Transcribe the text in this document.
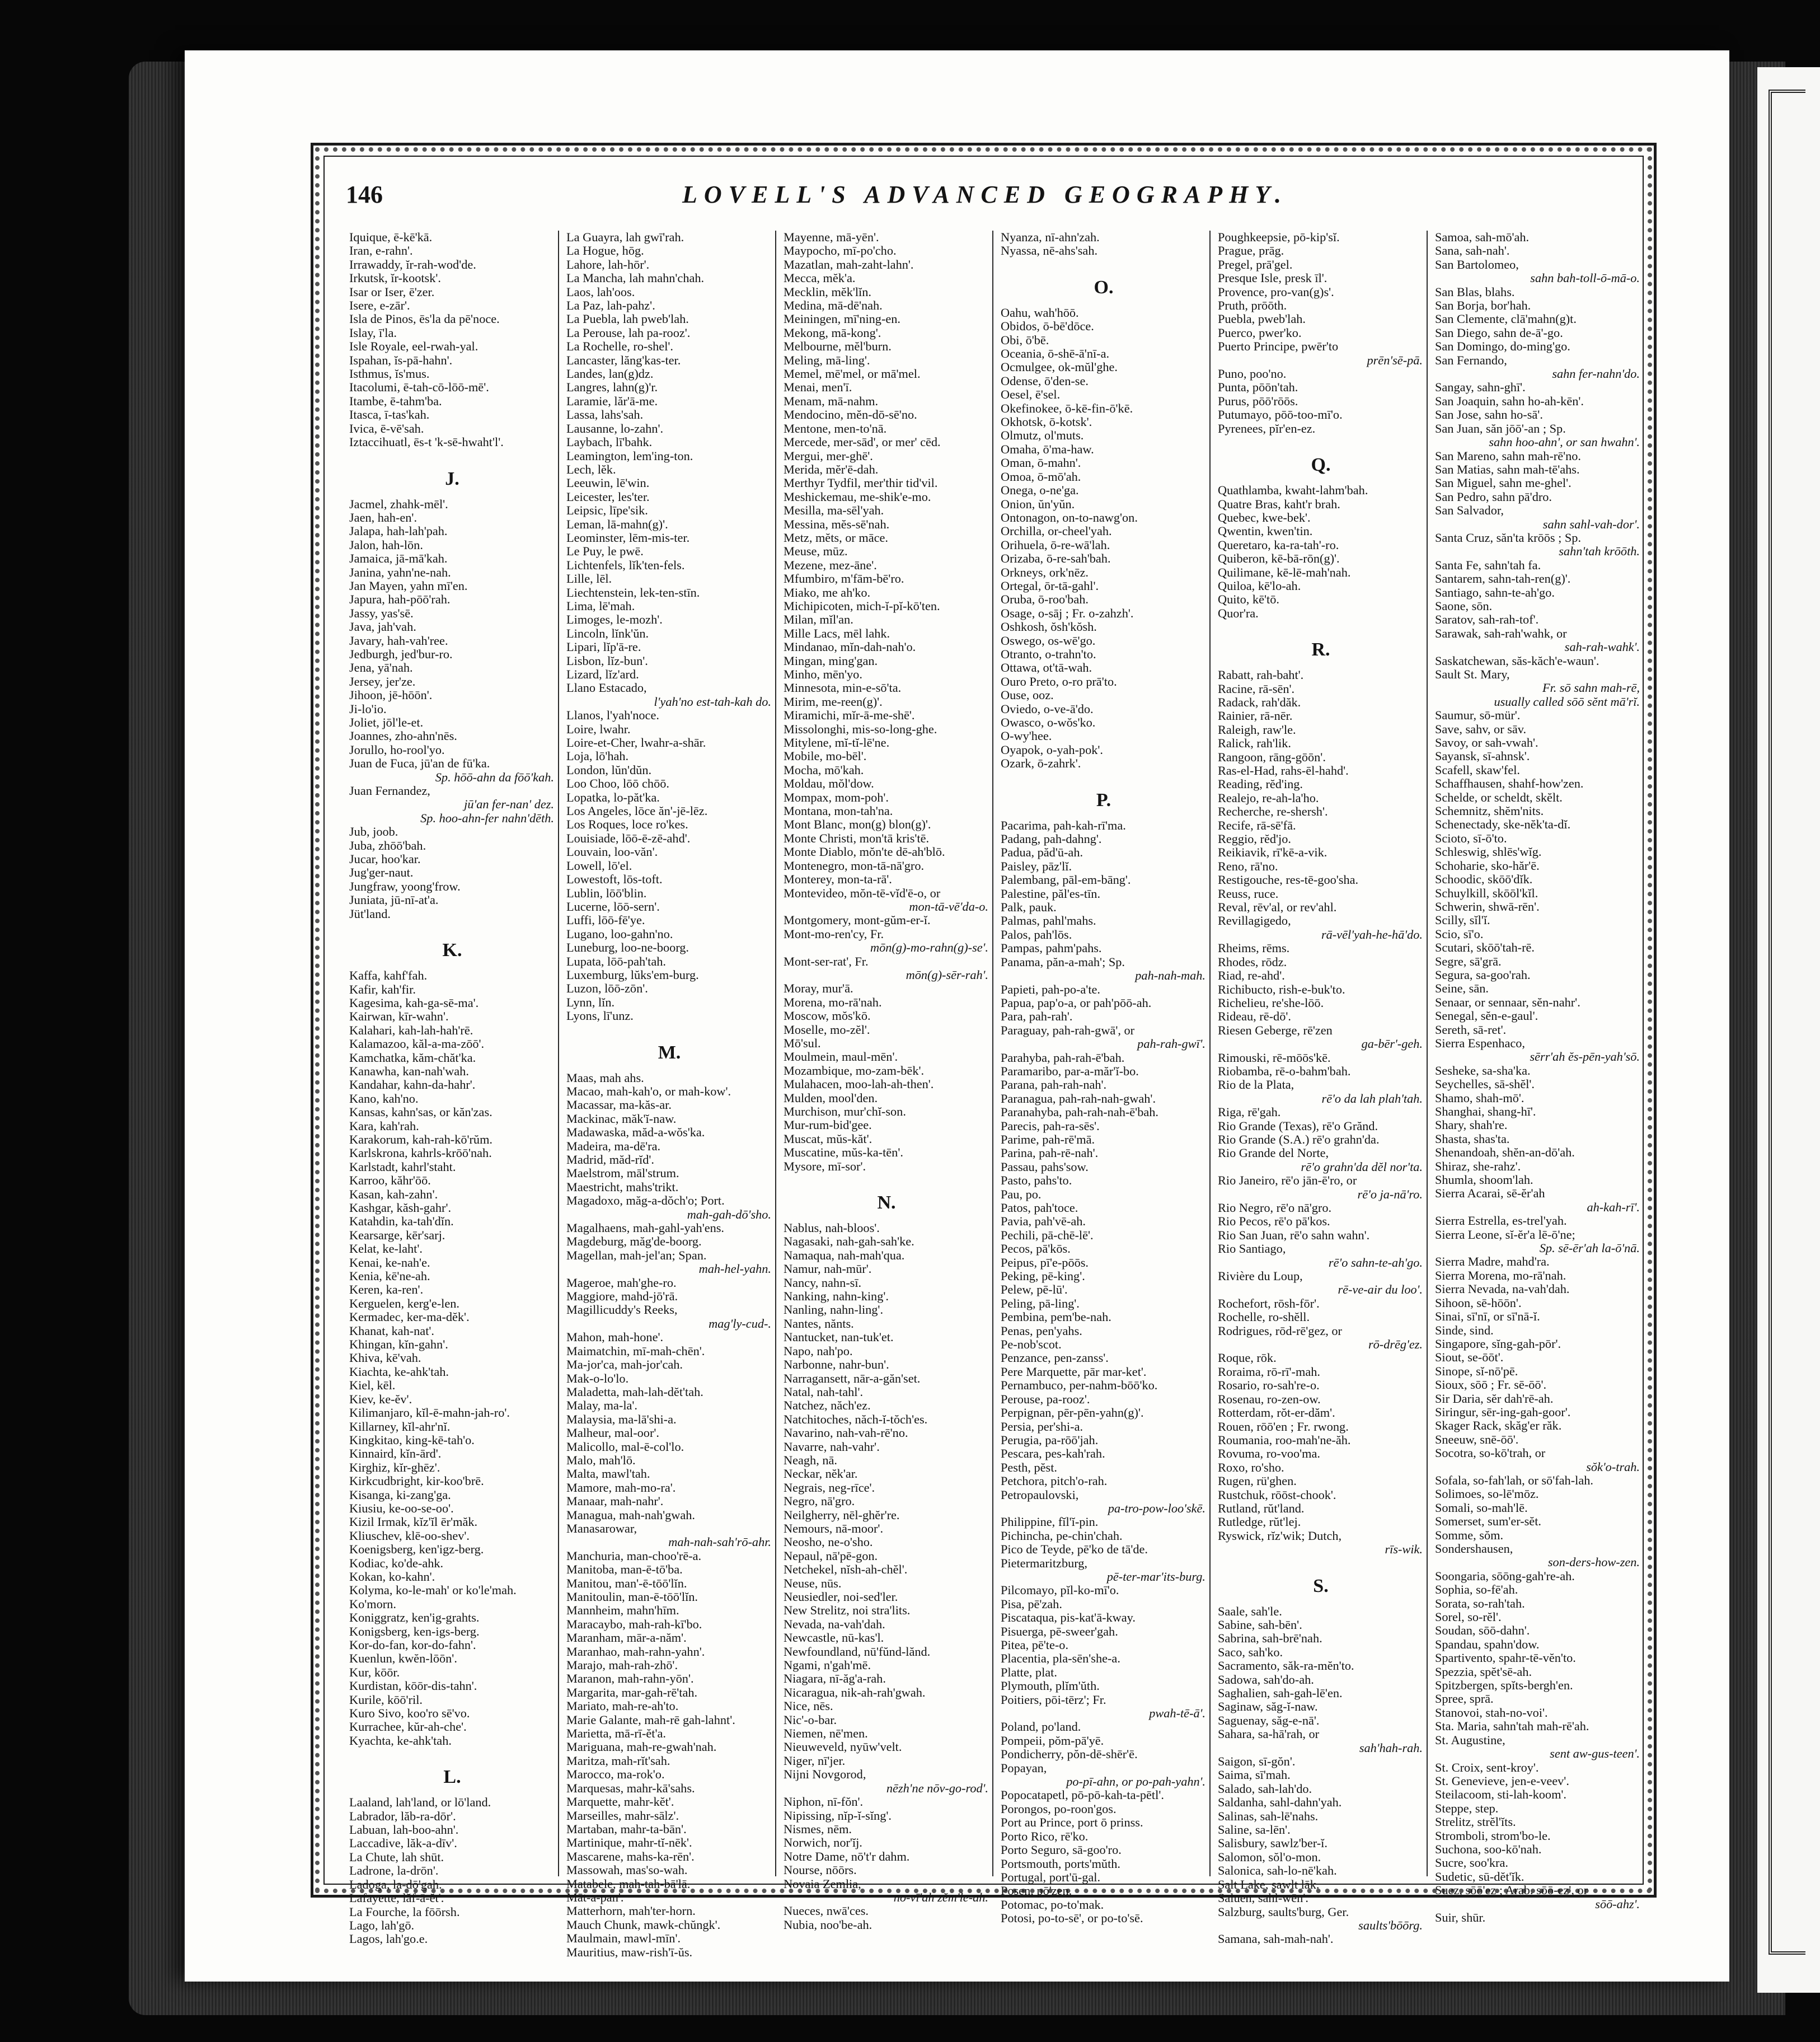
146	LOVELL'S ADVANCED GEOGRAPHY.
Iquique, ē-kē'kā.
Iran, e-rahn'.
Irrawaddy, ĭr-rah-wod'de.
Irkutsk, ĭr-kootsk'.
Isar or Iser, ē'zer.
Isere, e-zār'.
Isla de Pinos, ēs'la da pē'noce.
Islay, ī'la.
Isle Royale, eel-rwah-yal.
Ispahan, ĭs-pā-hahn'.
Isthmus, ĭs'mus.
Itacolumi, ē-tah-cō-lōō-mē'.
Itambe, ē-tahm'ba.
Itasca, ī-tas'kah.
Ivica, ē-vē'sah.
Iztaccihuatl, ēs-t 'k-sē-hwaht'l'.
J.
Jacmel, zhahk-mēl'.
Jaen, hah-en'.
Jalapa, hah-lah'pah.
Jalon, hah-lōn.
Jamaica, jā-mā'kah.
Janina, yahn'ne-nah.
Jan Mayen, yahn mī'en.
Japura, hah-pōō'rah.
Jassy, yas'sē.
Java, jah'vah.
Javary, hah-vah'ree.
Jedburgh, jed'bur-ro.
Jena, yā'nah.
Jersey, jer'ze.
Jihoon, jē-hōōn'.
Ji-lo'io.
Joliet, jōl'le-et.
Joannes, zho-ahn'nēs.
Jorullo, ho-rool'yo.
Juan de Fuca, jū'an de fū'ka.
Sp. hōō-ahn da fōō'kah.
Juan Fernandez,
jū'an fer-nan' dez.
Sp. hoo-ahn-fer nahn'dēth.
Jub, joob.
Juba, zhōō'bah.
Jucar, hoo'kar.
Jug'ger-naut.
Jungfraw, yoong'frow.
Juniata, jū-nī-at'a.
Jüt'land.
K.
Kaffa, kahf'fah.
Kafir, kah'fir.
Kagesima, kah-ga-sē-ma'.
Kairwan, kīr-wahn'.
Kalahari, kah-lah-hah'rē.
Kalamazoo, kăl-a-ma-zōō'.
Kamchatka, kăm-chăt'ka.
Kanawha, kan-nah'wah.
Kandahar, kahn-da-hahr'.
Kano, kah'no.
Kansas, kahn'sas, or kăn'zas.
Kara, kah'rah.
Karakorum, kah-rah-kō'rŭm.
Karlskrona, kahrls-krōō'nah.
Karlstadt, kahrl'staht.
Karroo, kăhr'ōō.
Kasan, kah-zahn'.
Kashgar, kăsh-gahr'.
Katahdin, ka-tah'dĭn.
Kearsarge, kēr'sarj.
Kelat, ke-laht'.
Kenai, ke-nah'e.
Kenia, kē'ne-ah.
Keren, ka-ren'.
Kerguelen, kerg'e-len.
Kermadec, ker-ma-dĕk'.
Khanat, kah-nat'.
Khingan, kĭn-gahn'.
Khiva, kē'vah.
Kiachta, ke-ahk'tah.
Kiel, kēl.
Kiev, ke-ĕv'.
Kilimanjaro, kĭl-ē-mahn-jah-ro'.
Killarney, kĭl-ahr'nĭ.
Kingkitao, king-kē-tah'o.
Kinnaird, kĭn-ārd'.
Kirghiz, kĭr-ghēz'.
Kirkcudbright, kir-koo'brē.
Kisanga, ki-zang'ga.
Kiusiu, ke-oo-se-oo'.
Kizil Irmak, kĭz'ĭl ēr'măk.
Kliuschev, klē-oo-shev'.
Koenigsberg, ken'igz-berg.
Kodiac, ko'de-ahk.
Kokan, ko-kahn'.
Kolyma, ko-le-mah' or ko'le'mah.
Ko'morn.
Koniggratz, ken'ig-grahts.
Konigsberg, ken-igs-berg.
Kor-do-fan, kor-do-fahn'.
Kuenlun, kwĕn-lōōn'.
Kur, kōōr.
Kurdistan, kōōr-dis-tahn'.
Kurile, kōō'ril.
Kuro Sivo, koo'ro sē'vo.
Kurrachee, kŭr-ah-che'.
Kyachta, ke-ahk'tah.
L.
Laaland, lah'land, or lō'land.
Labrador, lăb-ra-dōr'.
Labuan, lah-boo-ahn'.
Laccadive, lăk-a-dīv'.
La Chute, lah shūt.
Ladrone, la-drōn'.
Ladoga, la-dō'gah.
Lafayette, lăf-ā-ĕt'.
La Fourche, la fōōrsh.
Lago, lah'gō.
Lagos, lah'go.e.
La Guayra, lah gwī'rah.
La Hogue, hōg.
Lahore, lah-hōr'.
La Mancha, lah mahn'chah.
Laos, lah'oos.
La Paz, lah-pahz'.
La Puebla, lah pweb'lah.
La Perouse, lah pa-rooz'.
La Rochelle, ro-shel'.
Lancaster, lăng'kas-ter.
Landes, lan(g)dz.
Langres, lahn(g)'r.
Laramie, lăr'ā-me.
Lassa, lahs'sah.
Lausanne, lo-zahn'.
Laybach, lī'bahk.
Leamington, lem'ing-ton.
Lech, lĕk.
Leeuwin, lē'win.
Leicester, les'ter.
Leipsic, līpe'sik.
Leman, lā-mahn(g)'.
Leominster, lēm-mis-ter.
Le Puy, le pwē.
Lichtenfels, lĭk'ten-fels.
Lille, lēl.
Liechtenstein, lek-ten-stīn.
Lima, lē'mah.
Limoges, le-mozh'.
Lincoln, lĭnk'ŭn.
Lipari, lĭp'ā-re.
Lisbon, lĭz-bun'.
Lizard, lĭz'ard.
Llano Estacado,
l'yah'no est-tah-kah do.
Llanos, l'yah'noce.
Loire, lwahr.
Loire-et-Cher, lwahr-a-shār.
Loja, lō'hah.
London, lŭn'dŭn.
Loo Choo, lōō chōō.
Lopatka, lo-păt'ka.
Los Angeles, lōce ăn'-jē-lēz.
Los Roques, loce ro'kes.
Louisiade, lōō-ē-zē-ahd'.
Louvain, loo-văn'.
Lowell, lō'el.
Lowestoft, lōs-toft.
Lublin, lōō'blin.
Lucerne, lōō-sern'.
Luffi, lōō-fē'ye.
Lugano, loo-gahn'no.
Luneburg, loo-ne-boorg.
Lupata, lōō-pah'tah.
Luxemburg, lŭks'em-burg.
Luzon, lōō-zōn'.
Lynn, lĭn.
Lyons, lī'unz.
M.
Maas, mah ahs.
Macao, mah-kah'o, or mah-kow'.
Macassar, ma-kăs-ar.
Mackinac, măk'ĭ-naw.
Madawaska, măd-a-wŏs'ka.
Madeira, ma-dē'ra.
Madrid, măd-rĭd'.
Maelstrom, māl'strum.
Maestricht, mahs'trikt.
Magadoxo, măg-a-dŏch'o; Port.
mah-gah-dō'sho.
Magalhaens, mah-gahl-yah'ens.
Magdeburg, măg'de-boorg.
Magellan, mah-jel'an; Span.
mah-hel-yahn.
Mageroe, mah'ghe-ro.
Maggiore, mahd-jō'rā.
Magillicuddy's Reeks,
mag'ly-cud-.
Mahon, mah-hone'.
Maimatchin, mī-mah-chēn'.
Ma-jor'ca, mah-jor'cah.
Mak-o-lo'lo.
Maladetta, mah-lah-dĕt'tah.
Malay, ma-la'.
Malaysia, ma-lā'shi-a.
Malheur, mal-oor'.
Malicollo, mal-ē-col'lo.
Malo, mah'lō.
Malta, mawl'tah.
Mamore, mah-mo-ra'.
Manaar, mah-nahr'.
Managua, mah-nah'gwah.
Manasarowar,
mah-nah-sah'rō-ahr.
Manchuria, man-choo'rē-a.
Manitoba, man-ē-tō'ba.
Manitou, man'-ē-tōō'lĭn.
Manitoulin, man-ē-tōō'lĭn.
Mannheim, mahn'hīm.
Maracaybo, mah-rah-kī'bo.
Maranham, mār-a-năm'.
Maranhao, mah-rahn-yahn'.
Marajo, mah-rah-zhō'.
Maranon, mah-rahn-yōn'.
Margarita, mar-gah-rē'tah.
Mariato, mah-re-ah'to.
Marie Galante, mah-rē gah-lahnt'.
Marietta, mā-rī-ĕt'a.
Mariguana, mah-re-gwah'nah.
Maritza, mah-rĭt'sah.
Marocco, ma-rok'o.
Marquesas, mahr-kā'sahs.
Marquette, mahr-kĕt'.
Marseilles, mahr-sālz'.
Martaban, mahr-ta-bān'.
Martinique, mahr-tĭ-nēk'.
Mascarene, mahs-ka-rēn'.
Massowah, mas'so-wah.
Matabele, mah-tah-bā'lā.
Māt-a-pan'.
Matterhorn, mah'ter-horn.
Mauch Chunk, mawk-chŭngk'.
Maulmain, mawl-mīn'.
Mauritius, maw-rish'ī-ŭs.
Mayenne, mā-yēn'.
Maypocho, mī-po'cho.
Mazatlan, mah-zaht-lahn'.
Mecca, mĕk'a.
Mecklin, mĕk'lĭn.
Medina, mā-dē'nah.
Meiningen, mī'ning-en.
Mekong, mā-kong'.
Melbourne, mĕl'burn.
Meling, mā-ling'.
Memel, mē'mel, or mā'mel.
Menai, men'ī.
Menam, mā-nahm.
Mendocino, mĕn-dō-sē'no.
Mentone, men-to'nā.
Mercede, mer-sād', or mer' cēd.
Mergui, mer-ghē'.
Merida, mĕr'ē-dah.
Merthyr Tydfil, mer'thir tid'vil.
Meshickemau, me-shik'e-mo.
Mesilla, ma-sēl'yah.
Messina, mĕs-sē'nah.
Metz, mĕts, or māce.
Meuse, mūz.
Mezene, mez-āne'.
Mfumbiro, m'fām-bē'ro.
Miako, me ah'ko.
Michipicoten, mich-ĭ-pĭ-kō'ten.
Milan, mĭl'an.
Mille Lacs, mēl lahk.
Mindanao, mĭn-dah-nah'o.
Mingan, ming'gan.
Minho, mēn'yo.
Minnesota, min-e-sō'ta.
Mirim, me-reen(g)'.
Miramichi, mĭr-ā-me-shē'.
Missolonghi, mis-so-long-ghe.
Mitylene, mĭ-tĭ-lē'ne.
Mobile, mo-bēl'.
Mocha, mō'kah.
Moldau, mŏl'dow.
Mompax, mom-poh'.
Montana, mon-tah'na.
Mont Blanc, mon(g) blon(g)'.
Monte Christi, mon'tā kris'tē.
Monte Diablo, mŏn'te dē-ah'blō.
Montenegro, mon-tā-nā'gro.
Monterey, mon-ta-rā'.
Montevideo, mŏn-tē-vĭd'ē-o, or
mon-tā-vē'da-o.
Montgomery, mont-gŭm-er-ĭ.
Mont-mo-ren'cy, Fr.
mōn(g)-mo-rahn(g)-se'.
Mont-ser-rat', Fr.
mōn(g)-sēr-rah'.
Moray, mur'ā.
Morena, mo-rā'nah.
Moscow, mŏs'kō.
Moselle, mo-zĕl'.
Mō'sul.
Moulmein, maul-mēn'.
Mozambique, mo-zam-bēk'.
Mulahacen, moo-lah-ah-then'.
Mulden, mool'den.
Murchison, mur'chĭ-son.
Mur-rum-bid'gee.
Muscat, mŭs-kăt'.
Muscatine, mŭs-ka-tēn'.
Mysore, mī-sor'.
N.
Nablus, nah-bloos'.
Nagasaki, nah-gah-sah'ke.
Namaqua, nah-mah'qua.
Namur, nah-mūr'.
Nancy, nahn-sī.
Nanking, nahn-king'.
Nanling, nahn-ling'.
Nantes, nănts.
Nantucket, nan-tuk'et.
Napo, nah'po.
Narbonne, nahr-bun'.
Narragansett, nār-a-găn'set.
Natal, nah-tahl'.
Natchez, năch'ez.
Natchitoches, năch-ĭ-tŏch'es.
Navarino, nah-vah-rē'no.
Navarre, nah-vahr'.
Neagh, nā.
Neckar, nĕk'ar.
Negrais, neg-rīce'.
Negro, nā'gro.
Neilgherry, nēl-ghĕr're.
Nemours, nā-moor'.
Neosho, ne-o'sho.
Nepaul, nā'pē-gon.
Netchekel, nĭsh-ah-chĕl'.
Neuse, nūs.
Neusiedler, noi-sed'ler.
New Strelitz, noi stra'lits.
Nevada, na-vah'dah.
Newcastle, nū-kas'l.
Newfoundland, nū'fŭnd-lănd.
Ngami, n'gah'mē.
Niagara, nī-ăg'a-rah.
Nicaragua, nik-ah-rah'gwah.
Nice, nēs.
Nic'-o-bar.
Niemen, nē'men.
Nieuweveld, nyūw'velt.
Niger, nī'jer.
Nijni Novgorod,
nēzh'ne nōv-go-rod'.
Niphon, nī-fŏn'.
Nipissing, nĭp-ĭ-sĭng'.
Nismes, nēm.
Norwich, nor'ĭj.
Notre Dame, nō't'r dahm.
Nourse, nōōrs.
Novaia Zemlia,
no-vī'ah zĕm'le-ah.
Nueces, nwā'ces.
Nubia, noo'be-ah.
Nyanza, nī-ahn'zah.
Nyassa, nē-ahs'sah.
O.
Oahu, wah'hōō.
Obidos, ō-bē'dōce.
Obi, ō'bē.
Oceania, ō-shē-ā'nī-a.
Ocmulgee, ok-mŭl'ghe.
Odense, ō'den-se.
Oesel, ē'sel.
Okefinokee, ō-kē-fin-ō'kē.
Okhotsk, ō-kotsk'.
Olmutz, ol'muts.
Omaha, ō'ma-haw.
Oman, ō-mahn'.
Omoa, ō-mō'ah.
Onega, o-ne'ga.
Onion, ŭn'yŭn.
Ontonagon, on-to-nawg'on.
Orchilla, or-cheel'yah.
Orihuela, ō-re-wā'lah.
Orizaba, ō-re-sah'bah.
Orkneys, ork'nēz.
Ortegal, ōr-tā-gahl'.
Oruba, ō-roo'bah.
Osage, o-sāj ; Fr. o-zahzh'.
Oshkosh, ŏsh'kŏsh.
Oswego, os-wē'go.
Otranto, o-trahn'to.
Ottawa, ot'tā-wah.
Ouro Preto, o-ro prā'to.
Ouse, ooz.
Oviedo, o-ve-ā'do.
Owasco, o-wŏs'ko.
O-wy'hee.
Oyapok, o-yah-pok'.
Ozark, ō-zahrk'.
P.
Pacarima, pah-kah-rī'ma.
Padang, pah-dahng'.
Padua, păd'ū-ah.
Paisley, pāz'lĭ.
Palembang, pāl-em-bāng'.
Palestine, păl'es-tīn.
Palk, pauk.
Palmas, pahl'mahs.
Palos, pah'lōs.
Pampas, pahm'pahs.
Panama, păn-a-mah'; Sp.
pah-nah-mah.
Papieti, pah-po-a'te.
Papua, pap'o-a, or pah'pōō-ah.
Para, pah-rah'.
Paraguay, pah-rah-gwā', or
pah-rah-gwī'.
Parahyba, pah-rah-ē'bah.
Paramaribo, par-a-măr'ĭ-bo.
Parana, pah-rah-nah'.
Paranagua, pah-rah-nah-gwah'.
Paranahyba, pah-rah-nah-ē'bah.
Parecis, pah-ra-sēs'.
Parime, pah-rē'mā.
Parina, pah-rē-nah'.
Passau, pahs'sow.
Pasto, pahs'to.
Pau, po.
Patos, pah'toce.
Pavia, pah'vē-ah.
Pechili, pā-chē-lē'.
Pecos, pā'kōs.
Peipus, pī'e-pōōs.
Peking, pē-king'.
Pelew, pē-lū'.
Peling, pā-ling'.
Pembina, pem'be-nah.
Penas, pen'yahs.
Pe-nob'scot.
Penzance, pen-zanss'.
Pere Marquette, pār mar-ket'.
Pernambuco, per-nahm-bōō'ko.
Perouse, pa-rooz'.
Perpignan, pēr-pēn-yahn(g)'.
Persia, per'shi-a.
Perugia, pa-rōō'jah.
Pescara, pes-kah'rah.
Pesth, pĕst.
Petchora, pitch'o-rah.
Petropaulovski,
pa-tro-pow-loo'skē.
Philippine, fĭl'ĭ-pin.
Pichincha, pe-chin'chah.
Pico de Teyde, pē'ko de tā'de.
Pietermaritzburg,
pē-ter-mar'its-burg.
Pilcomayo, pĭl-ko-mī'o.
Pisa, pē'zah.
Piscataqua, pis-kat'ā-kway.
Pisuerga, pē-sweer'gah.
Pitea, pē'te-o.
Placentia, pla-sēn'she-a.
Platte, plat.
Plymouth, plĭm'ŭth.
Poitiers, pōi-tērz'; Fr.
pwah-tē-ā'.
Poland, po'land.
Pompeii, pŏm-pā'yē.
Pondicherry, pŏn-dē-shēr'ē.
Popayan,
po-pī-ahn, or po-pah-yahn'.
Popocatapetl, pō-pō-kah-ta-pētl'.
Porongos, po-roon'gos.
Port au Prince, port ō prinss.
Porto Rico, rē'ko.
Porto Seguro, sā-goo'ro.
Portsmouth, ports'mŭth.
Portugal, port'ū-gal.
Posen, pō'zen.
Potomac, po-to'mak.
Potosi, po-to-sē', or po-to'sē.
Poughkeepsie, pō-kip'sĭ.
Prague, prāg.
Pregel, prā'gel.
Presque Isle, presk īl'.
Provence, pro-van(g)s'.
Pruth, prōōth.
Puebla, pweb'lah.
Puerco, pwer'ko.
Puerto Principe, pwēr'to
prēn'sē-pā.
Puno, poo'no.
Punta, pōōn'tah.
Purus, pōō'rōōs.
Putumayo, pōō-too-mī'o.
Pyrenees, pĭr'en-ez.
Q.
Quathlamba, kwaht-lahm'bah.
Quatre Bras, kaht'r brah.
Quebec, kwe-bek'.
Qwentin, kwen'tin.
Queretaro, ka-ra-tah'-ro.
Quiberon, kē-bā-rōn(g)'.
Quilimane, kē-lē-mah'nah.
Quiloa, kē'lo-ah.
Quito, kē'tō.
Quor'ra.
R.
Rabatt, rah-baht'.
Racine, rā-sēn'.
Radack, rah'dăk.
Rainier, rā-nēr.
Raleigh, raw'le.
Ralick, rah'lik.
Rangoon, rāng-gōōn'.
Ras-el-Had, rahs-ēl-hahd'.
Reading, rĕd'ing.
Realejo, re-ah-la'ho.
Recherche, re-shersh'.
Recife, rā-sē'fā.
Reggio, rĕd'jo.
Reikiavik, rī'kē-a-vik.
Reno, rā'no.
Restigouche, res-tē-goo'sha.
Reuss, ruce.
Reval, rēv'al, or rev'ahl.
Revillagigedo,
rā-vēl'yah-he-hā'do.
Rheims, rēms.
Rhodes, rōdz.
Riad, re-ahd'.
Richibucto, rish-e-buk'to.
Richelieu, re'she-lōō.
Rideau, rē-dō'.
Riesen Geberge, rē'zen
ga-bēr'-geh.
Rimouski, rē-mōōs'kē.
Riobamba, rē-o-bahm'bah.
Rio de la Plata,
rē'o da lah plah'tah.
Riga, rē'gah.
Rio Grande (Texas), rē'o Grănd.
Rio Grande (S.A.) rē'o grahn'da.
Rio Grande del Norte,
rē'o grahn'da dĕl nor'ta.
Rio Janeiro, rē'o jān-ē'ro, or
rē'o ja-nā'ro.
Rio Negro, rē'o nā'gro.
Rio Pecos, rē'o pā'kos.
Rio San Juan, rē'o sahn wahn'.
Rio Santiago,
rē'o sahn-te-ah'go.
Rivière du Loup,
rē-ve-air du loo'.
Rochefort, rōsh-fōr'.
Rochelle, ro-shĕll.
Rodrigues, rōd-rē'gez, or
rō-drēg'ez.
Roque, rōk.
Roraima, rō-rī'-mah.
Rosario, ro-sah're-o.
Rosenau, ro-zen-ow.
Rotterdam, rŏt-er-dăm'.
Rouen, rōō'en ; Fr. rwong.
Roumania, roo-mah'ne-ăh.
Rovuma, ro-voo'ma.
Roxo, ro'sho.
Rugen, rü'ghen.
Rustchuk, rōōst-chook'.
Rutland, rŭt'land.
Rutledge, rŭt'lej.
Ryswick, rĭz'wik; Dutch,
rīs-wik.
S.
Saale, sah'le.
Sabine, sah-bēn'.
Sabrina, sah-brē'nah.
Saco, sah'ko.
Sacramento, săk-ra-mĕn'to.
Sadowa, sah'do-ah.
Saghalien, sah-gah-lē'en.
Saginaw, săg-ĭ-naw.
Saguenay, săg-e-nā'.
Sahara, sa-hā'rah, or
sah'hah-rah.
Saigon, sī-gŏn'.
Saima, sī'mah.
Salado, sah-lah'do.
Saldanha, sahl-dahn'yah.
Salinas, sah-lē'nahs.
Saline, sa-lēn'.
Salisbury, sawlz'ber-ĭ.
Salomon, sŏl'o-mon.
Salonica, sah-lo-nē'kah.
Salt Lake, sawlt lāk.
Saluen, sahl-wēn'.
Salzburg, saults'burg, Ger.
saults'bōōrg.
Samana, sah-mah-nah'.
Samoa, sah-mō'ah.
Sana, sah-nah'.
San Bartolomeo,
sahn bah-toll-ō-mā-o.
San Blas, blahs.
San Borja, bor'hah.
San Clemente, clā'mahn(g)t.
San Diego, sahn de-ā'-go.
San Domingo, do-ming'go.
San Fernando,
sahn fer-nahn'do.
Sangay, sahn-ghī'.
San Joaquin, sahn ho-ah-kēn'.
San Jose, sahn ho-sā'.
San Juan, săn jōō'-an ; Sp.
sahn hoo-ahn', or san hwahn'.
San Mareno, sahn mah-rē'no.
San Matias, sahn mah-tē'ahs.
San Miguel, sahn me-ghel'.
San Pedro, sahn pā'dro.
San Salvador,
sahn sahl-vah-dor'.
Santa Cruz, săn'ta krōōs ; Sp.
sahn'tah krōōth.
Santa Fe, sahn'tah fa.
Santarem, sahn-tah-ren(g)'.
Santiago, sahn-te-ah'go.
Saone, sōn.
Saratov, sah-rah-tof'.
Sarawak, sah-rah'wahk, or
sah-rah-wahk'.
Saskatchewan, săs-kăch'e-waun'.
Sault St. Mary,
Fr. sō sahn mah-rē,
usually called sōō sĕnt mā'rĭ.
Saumur, sō-mür'.
Save, sahv, or sāv.
Savoy, or sah-vwah'.
Sayansk, sī-ahnsk'.
Scafell, skaw'fel.
Schaffhausen, shahf-how'zen.
Schelde, or scheldt, skĕlt.
Schemnitz, shĕm'nits.
Schenectady, ske-nĕk'ta-dĭ.
Scioto, sī-ō'to.
Schleswig, shlēs'wĭg.
Schoharie, sko-hăr'ē.
Schoodic, skōō'dĭk.
Schuylkill, skōōl'kĭl.
Schwerin, shwā-rēn'.
Scilly, sĭl'ĭ.
Scio, sī'o.
Scutari, skōō'tah-rē.
Segre, sā'grā.
Segura, sa-goo'rah.
Seine, sān.
Senaar, or sennaar, sĕn-nahr'.
Senegal, sĕn-e-gaul'.
Sereth, sā-ret'.
Sierra Espenhaco,
sērr'ah ĕs-pēn-yah'sō.
Sesheke, sa-sha'ka.
Seychelles, sā-shĕl'.
Shamo, shah-mō'.
Shanghai, shang-hī'.
Shary, shah're.
Shasta, shas'ta.
Shenandoah, shĕn-an-dō'ah.
Shiraz, she-rahz'.
Shumla, shoom'lah.
Sierra Acarai, sē-ĕr'ah
ah-kah-rī'.
Sierra Estrella, es-trel'yah.
Sierra Leone, sĭ-ĕr'a lē-ō'ne;
Sp. sē-ēr'ah la-ō'nā.
Sierra Madre, mahd'ra.
Sierra Morena, mo-rā'nah.
Sierra Nevada, na-vah'dah.
Sihoon, sē-hōōn'.
Sinai, sī'nī, or sī'nā-ĭ.
Sinde, sind.
Singapore, sĭng-gah-pōr'.
Siout, se-ōōt'.
Sinope, sĭ-nō'pē.
Sioux, sōō ; Fr. sē-ōō'.
Sir Daria, sĕr dah'rē-ah.
Siringur, sēr-ing-gah-goor'.
Skager Rack, skăg'er răk.
Sneeuw, snē-ōō'.
Socotra, so-kō'trah, or
sŏk'o-trah.
Sofala, so-fah'lah, or sō'fah-lah.
Solimoes, so-lē'mōz.
Somali, so-mah'lē.
Somerset, sum'er-sĕt.
Somme, sŏm.
Sondershausen,
son-ders-how-zen.
Soongaria, sōōng-gah're-ah.
Sophia, so-fē'ah.
Sorata, so-rah'tah.
Sorel, so-rĕl'.
Soudan, sōō-dahn'.
Spandau, spahn'dow.
Spartivento, spahr-tē-vĕn'to.
Spezzia, spĕt'sē-ah.
Spitzbergen, spĭts-bergh'en.
Spree, sprā.
Stanovoi, stah-no-voi'.
Sta. Maria, sahn'tah mah-rē'ah.
St. Augustine,
sent aw-gus-teen'.
St. Croix, sent-kroy'.
St. Genevieve, jen-e-veev'.
Steilacoom, sti-lah-koom'.
Steppe, step.
Strelitz, strĕl'ĭts.
Stromboli, strom'bo-le.
Suchona, soo-kō'nah.
Sucre, soo'kra.
Sudetic, sū-dĕt'ĭk.
Suez, sōō'ez ; Arab. sōō-ez', or
sōō-ahz'.
Suir, shūr.
